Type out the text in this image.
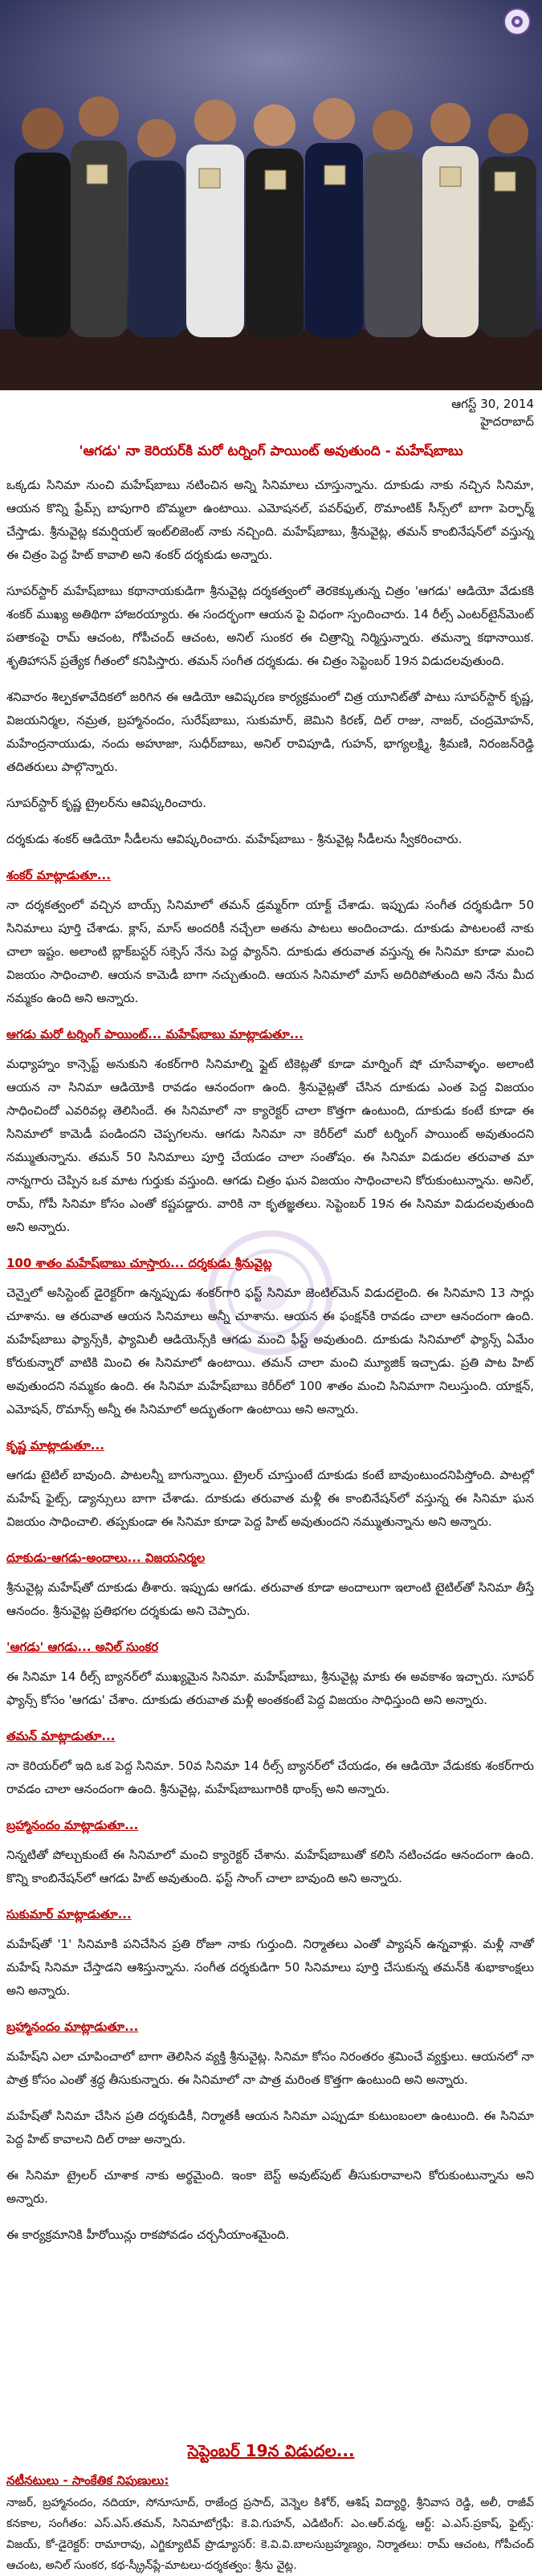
ఆగస్ట్ 30, 2014
హైదరాబాద్
'ఆగడు' నా కెరియర్‌కి మరో టర్నింగ్ పాయింట్ అవుతుంది - మహేష్‌బాబు

ఒక్కడు సినిమా నుంచి మహేష్‌బాబు నటించిన అన్ని సినిమాలు చూస్తున్నాను. దూకుడు నాకు నచ్చిన సినిమా, ఆయన కొన్ని ఫ్రేమ్స్ బాపుగారి బొమ్మలా ఉంటాయి. ఎమోషనల్, పవర్‌ఫుల్, రొమాంటిక్ సీన్స్‌లో బాగా పెర్ఫార్మ్ చేస్తాడు. శ్రీనువైట్ల కమర్షియల్ ఇంట్‌లిజెంట్ నాకు నచ్చింది. మహేష్‌బాబు, శ్రీనువైట్ల, తమన్ కాంబినేషన్‌లో వస్తున్న ఈ చిత్రం పెద్ద హిట్ కావాలి అని శంకర్ దర్శకుడు అన్నారు.

సూపర్‌స్టార్ మహేష్‌బాబు కథానాయకుడిగా శ్రీనువైట్ల దర్శకత్వంలో తెరకెక్కుతున్న చిత్రం 'ఆగడు' ఆడియో వేడుకకి శంకర్ ముఖ్య అతిథిగా హాజరయ్యారు. ఈ సందర్భంగా ఆయన పై విధంగా స్పందించారు. 14 రీల్స్ ఎంటర్‌టైన్‌మెంట్ పతాకంపై రామ్ ఆచంట, గోపీచంద్ ఆచంట, అనిల్ సుంకర ఈ చిత్రాన్ని నిర్మిస్తున్నారు. తమన్నా కథానాయిక. శృతిహాసన్ ప్రత్యేక గీతంలో కనిపిస్తారు. తమన్ సంగీత దర్శకుడు. ఈ చిత్రం సెప్టెంబర్ 19న విడుదలవుతుంది.

శనివారం శిల్పకళావేదికలో జరిగిన ఈ ఆడియో ఆవిష్కరణ కార్యక్రమంలో చిత్ర యూనిట్‌తో పాటు సూపర్‌స్టార్ కృష్ణ, విజయనిర్మల, నమ్రత, బ్రహ్మానందం, సురేష్‌బాబు, సుకుమార్, జెమిని కిరణ్, దిల్ రాజు, నాజర్, చంద్రమోహన్, మహేంద్రనాయుడు, నందు అహూజా, సుధీర్‌బాబు, అనిల్ రావిపూడి, గుహన్, భాగ్యలక్ష్మి, శ్రీమణి, నిరంజన్‌రెడ్డి తదితరులు పాల్గొన్నారు.

సూపర్‌స్టార్ కృష్ణ ట్రైలర్‌ను ఆవిష్కరించారు.

దర్శకుడు శంకర్ ఆడియో సీడీలను ఆవిష్కరించారు. మహేష్‌బాబు - శ్రీనువైట్ల సీడీలను స్వీకరించారు.

శంకర్ మాట్లాడుతూ...

నా దర్శకత్వంలో వచ్చిన బాయ్స్ సినిమాలో తమన్ డ్రమ్మర్‌గా యాక్ట్ చేశాడు. ఇప్పుడు సంగీత దర్శకుడిగా 50 సినిమాలు పూర్తి చేశాడు. క్లాస్, మాస్ అందరికీ నచ్చేలా అతను పాటలు అందించాడు. దూకుడు పాటలంటే నాకు చాలా ఇష్టం. అలాంటి బ్లాక్‌బస్టర్ సక్సెస్ నేను పెద్ద ఫ్యాన్‌ని. దూకుడు తరువాత వస్తున్న ఈ సినిమా కూడా మంచి విజయం సాధించాలి. ఆయన కామెడీ బాగా నచ్చుతుంది. ఆయన సినిమాలో మాస్ అదిరిపోతుంది అని నేను మీద నమ్మకం ఉంది అని అన్నారు.

ఆగడు మరో టర్నింగ్ పాయింట్... మహేష్‌బాబు మాట్లాడుతూ...

మధ్యాహ్నం కాన్సెప్ట్ అనుకుని శంకర్‌గారి సినిమాల్ని ఫ్లైట్ టికెట్లతో కూడా మార్నింగ్ షో చూసేవాళ్ళం. అలాంటి ఆయన నా సినిమా ఆడియోకి రావడం ఆనందంగా ఉంది. శ్రీనువైట్లతో చేసిన దూకుడు ఎంత పెద్ద విజయం సాధించిందో ఎవరివల్ల తెలిసిందే. ఈ సినిమాలో నా క్యారెక్టర్ చాలా కొత్తగా ఉంటుంది, దూకుడు కంటే కూడా ఈ సినిమాలో కామెడీ పండిందని చెప్పగలను. ఆగడు సినిమా నా కెరీర్‌లో మరో టర్నింగ్ పాయింట్ అవుతుందని నమ్ముతున్నాను. తమన్ 50 సినిమాలు పూర్తి చేయడం చాలా సంతోషం. ఈ సినిమా విడుదల తరువాత మా నాన్నగారు చెప్పిన ఒక మాట గుర్తుకు వస్తుంది. ఆగడు చిత్రం ఘన విజయం సాధించాలని కోరుకుంటున్నాను. అనిల్, రామ్, గోపీ సినిమా కోసం ఎంతో కష్టపడ్డారు. వారికి నా కృతజ్ఞతలు. సెప్టెంబర్ 19న ఈ సినిమా విడుదలవుతుంది అని అన్నారు.

100 శాతం మహేష్‌బాబు చూస్తారు... దర్శకుడు శ్రీనువైట్ల

చెన్నైలో అసిస్టెంట్ డైరెక్టర్‌గా ఉన్నప్పుడు శంకర్‌గారి ఫస్ట్ సినిమా జెంటిల్‌మెన్ విడుదలైంది. ఈ సినిమాని 13 సార్లు చూశాను. ఆ తరువాత ఆయన సినిమాలు అన్నీ చూశాను. ఆయన ఈ ఫంక్షన్‌కి రావడం చాలా ఆనందంగా ఉంది. మహేష్‌బాబు ఫ్యాన్స్‌కి, ఫ్యామిలీ ఆడియెన్స్‌కి ఆగడు మంచి ఫీస్ట్ అవుతుంది. దూకుడు సినిమాలో ఫ్యాన్స్ ఏమేం కోరుకున్నారో వాటికి మించి ఈ సినిమాలో ఉంటాయి. తమన్ చాలా మంచి మ్యూజిక్ ఇచ్చాడు. ప్రతి పాట హిట్ అవుతుందని నమ్మకం ఉంది. ఈ సినిమా మహేష్‌బాబు కెరీర్‌లో 100 శాతం మంచి సినిమాగా నిలుస్తుంది. యాక్షన్, ఎమోషన్, రొమాన్స్ అన్నీ ఈ సినిమాలో అద్భుతంగా ఉంటాయి అని అన్నారు.

కృష్ణ మాట్లాడుతూ...

ఆగడు టైటిల్ బావుంది. పాటలన్నీ బాగున్నాయి. ట్రైలర్ చూస్తుంటే దూకుడు కంటే బావుంటుందనిపిస్తోంది. పాటల్లో మహేష్ ఫైట్స్, డ్యాన్సులు బాగా చేశాడు. దూకుడు తరువాత మళ్లీ ఈ కాంబినేషన్‌లో వస్తున్న ఈ సినిమా ఘన విజయం సాధించాలి. తప్పకుండా ఈ సినిమా కూడా పెద్ద హిట్ అవుతుందని నమ్ముతున్నాను అని అన్నారు.

దూకుడు-ఆగడు-అందాలు... విజయనిర్మల

శ్రీనువైట్ల మహేష్‌తో దూకుడు తీశారు. ఇప్పుడు ఆగడు. తరువాత కూడా అందాలుగా ఇలాంటి టైటిల్‌తో సినిమా తీస్తే ఆనందం. శ్రీనువైట్ల ప్రతిభగల దర్శకుడు అని చెప్పారు.

'ఆగడు' ఆగడు... అనిల్ సుంకర

ఈ సినిమా 14 రీల్స్ బ్యానర్‌లో ముఖ్యమైన సినిమా. మహేష్‌బాబు, శ్రీనువైట్ల మాకు ఈ అవకాశం ఇచ్చారు. సూపర్ ఫ్యాన్స్ కోసం 'ఆగడు' చేశాం. దూకుడు తరువాత మళ్లీ అంతకంటే పెద్ద విజయం సాధిస్తుంది అని అన్నారు.

తమన్ మాట్లాడుతూ...

నా కెరియర్‌లో ఇది ఒక పెద్ద సినిమా. 50వ సినిమా 14 రీల్స్ బ్యానర్‌లో చేయడం, ఈ ఆడియో వేడుకకు శంకర్‌గారు రావడం చాలా ఆనందంగా ఉంది. శ్రీనువైట్ల, మహేష్‌బాబుగారికి థాంక్స్ అని అన్నారు.

బ్రహ్మానందం మాట్లాడుతూ...

నిన్నటితో పోల్చుకుంటే ఈ సినిమాలో మంచి క్యారెక్టర్ చేశాను. మహేష్‌బాబుతో కలిసి నటించడం ఆనందంగా ఉంది. కొన్ని కాంబినేషన్‌లో ఆగడు హిట్ అవుతుంది. ఫస్ట్ సాంగ్ చాలా బావుంది అని అన్నారు.

సుకుమార్ మాట్లాడుతూ...

మహేష్‌తో '1' సినిమాకి పనిచేసిన ప్రతి రోజూ నాకు గుర్తుంది. నిర్మాతలు ఎంతో ప్యాషన్ ఉన్నవాళ్లు. మళ్లీ నాతో మహేష్ సినిమా చేస్తాడని ఆశిస్తున్నాను. సంగీత దర్శకుడిగా 50 సినిమాలు పూర్తి చేసుకున్న తమన్‌కి శుభాకాంక్షలు అని అన్నారు.

బ్రహ్మానందం మాట్లాడుతూ...

మహేష్‌ని ఎలా చూపించాలో బాగా తెలిసిన వ్యక్తి శ్రీనువైట్ల. సినిమా కోసం నిరంతరం శ్రమించే వ్యక్తులు. ఆయనలో నా పాత్ర కోసం ఎంతో శ్రద్ధ తీసుకున్నారు. ఈ సినిమాలో నా పాత్ర మరింత కొత్తగా ఉంటుంది అని అన్నారు.

మహేష్‌తో సినిమా చేసిన ప్రతి దర్శకుడికీ, నిర్మాతకీ ఆయన సినిమా ఎప్పుడూ కుటుంబంలా ఉంటుంది. ఈ సినిమా పెద్ద హిట్ కావాలని దిల్ రాజు అన్నారు.

ఈ సినిమా ట్రైలర్ చూశాక నాకు అర్థమైంది. ఇంకా బెస్ట్ అవుట్‌పుట్ తీసుకురావాలని కోరుకుంటున్నాను అని అన్నారు.

ఈ కార్యక్రమానికి హీరోయిన్లు రాకపోవడం చర్చనీయాంశమైంది.

సెప్టెంబర్ 19న విడుదల...
నటీనటులు - సాంకేతిక నిపుణులు:
నాజర్, బ్రహ్మానందం, నదియా, సోనూసూద్, రాజేంద్ర ప్రసాద్, వెన్నెల కిశోర్, ఆశిష్ విద్యార్థి, శ్రీనివాస రెడ్డి, అలీ, రాజీవ్ కనకాల, సంగీతం: ఎస్.ఎస్.తమన్, సినిమాటోగ్రఫీ: కె.వి.గుహన్, ఎడిటింగ్: ఎం.ఆర్.వర్మ, ఆర్ట్: ఎ.ఎస్.ప్రకాష్, ఫైట్స్: విజయ్, కో-డైరెక్టర్: రామారావు, ఎగ్జిక్యూటివ్ ప్రొడ్యూసర్: కె.వి.వి.బాలసుబ్రహ్మణ్యం, నిర్మాతలు: రామ్ ఆచంట, గోపీచంద్ ఆచంట, అనిల్ సుంకర, కథ-స్క్రీన్‌ప్లే-మాటలు-దర్శకత్వం: శ్రీను వైట్ల.
